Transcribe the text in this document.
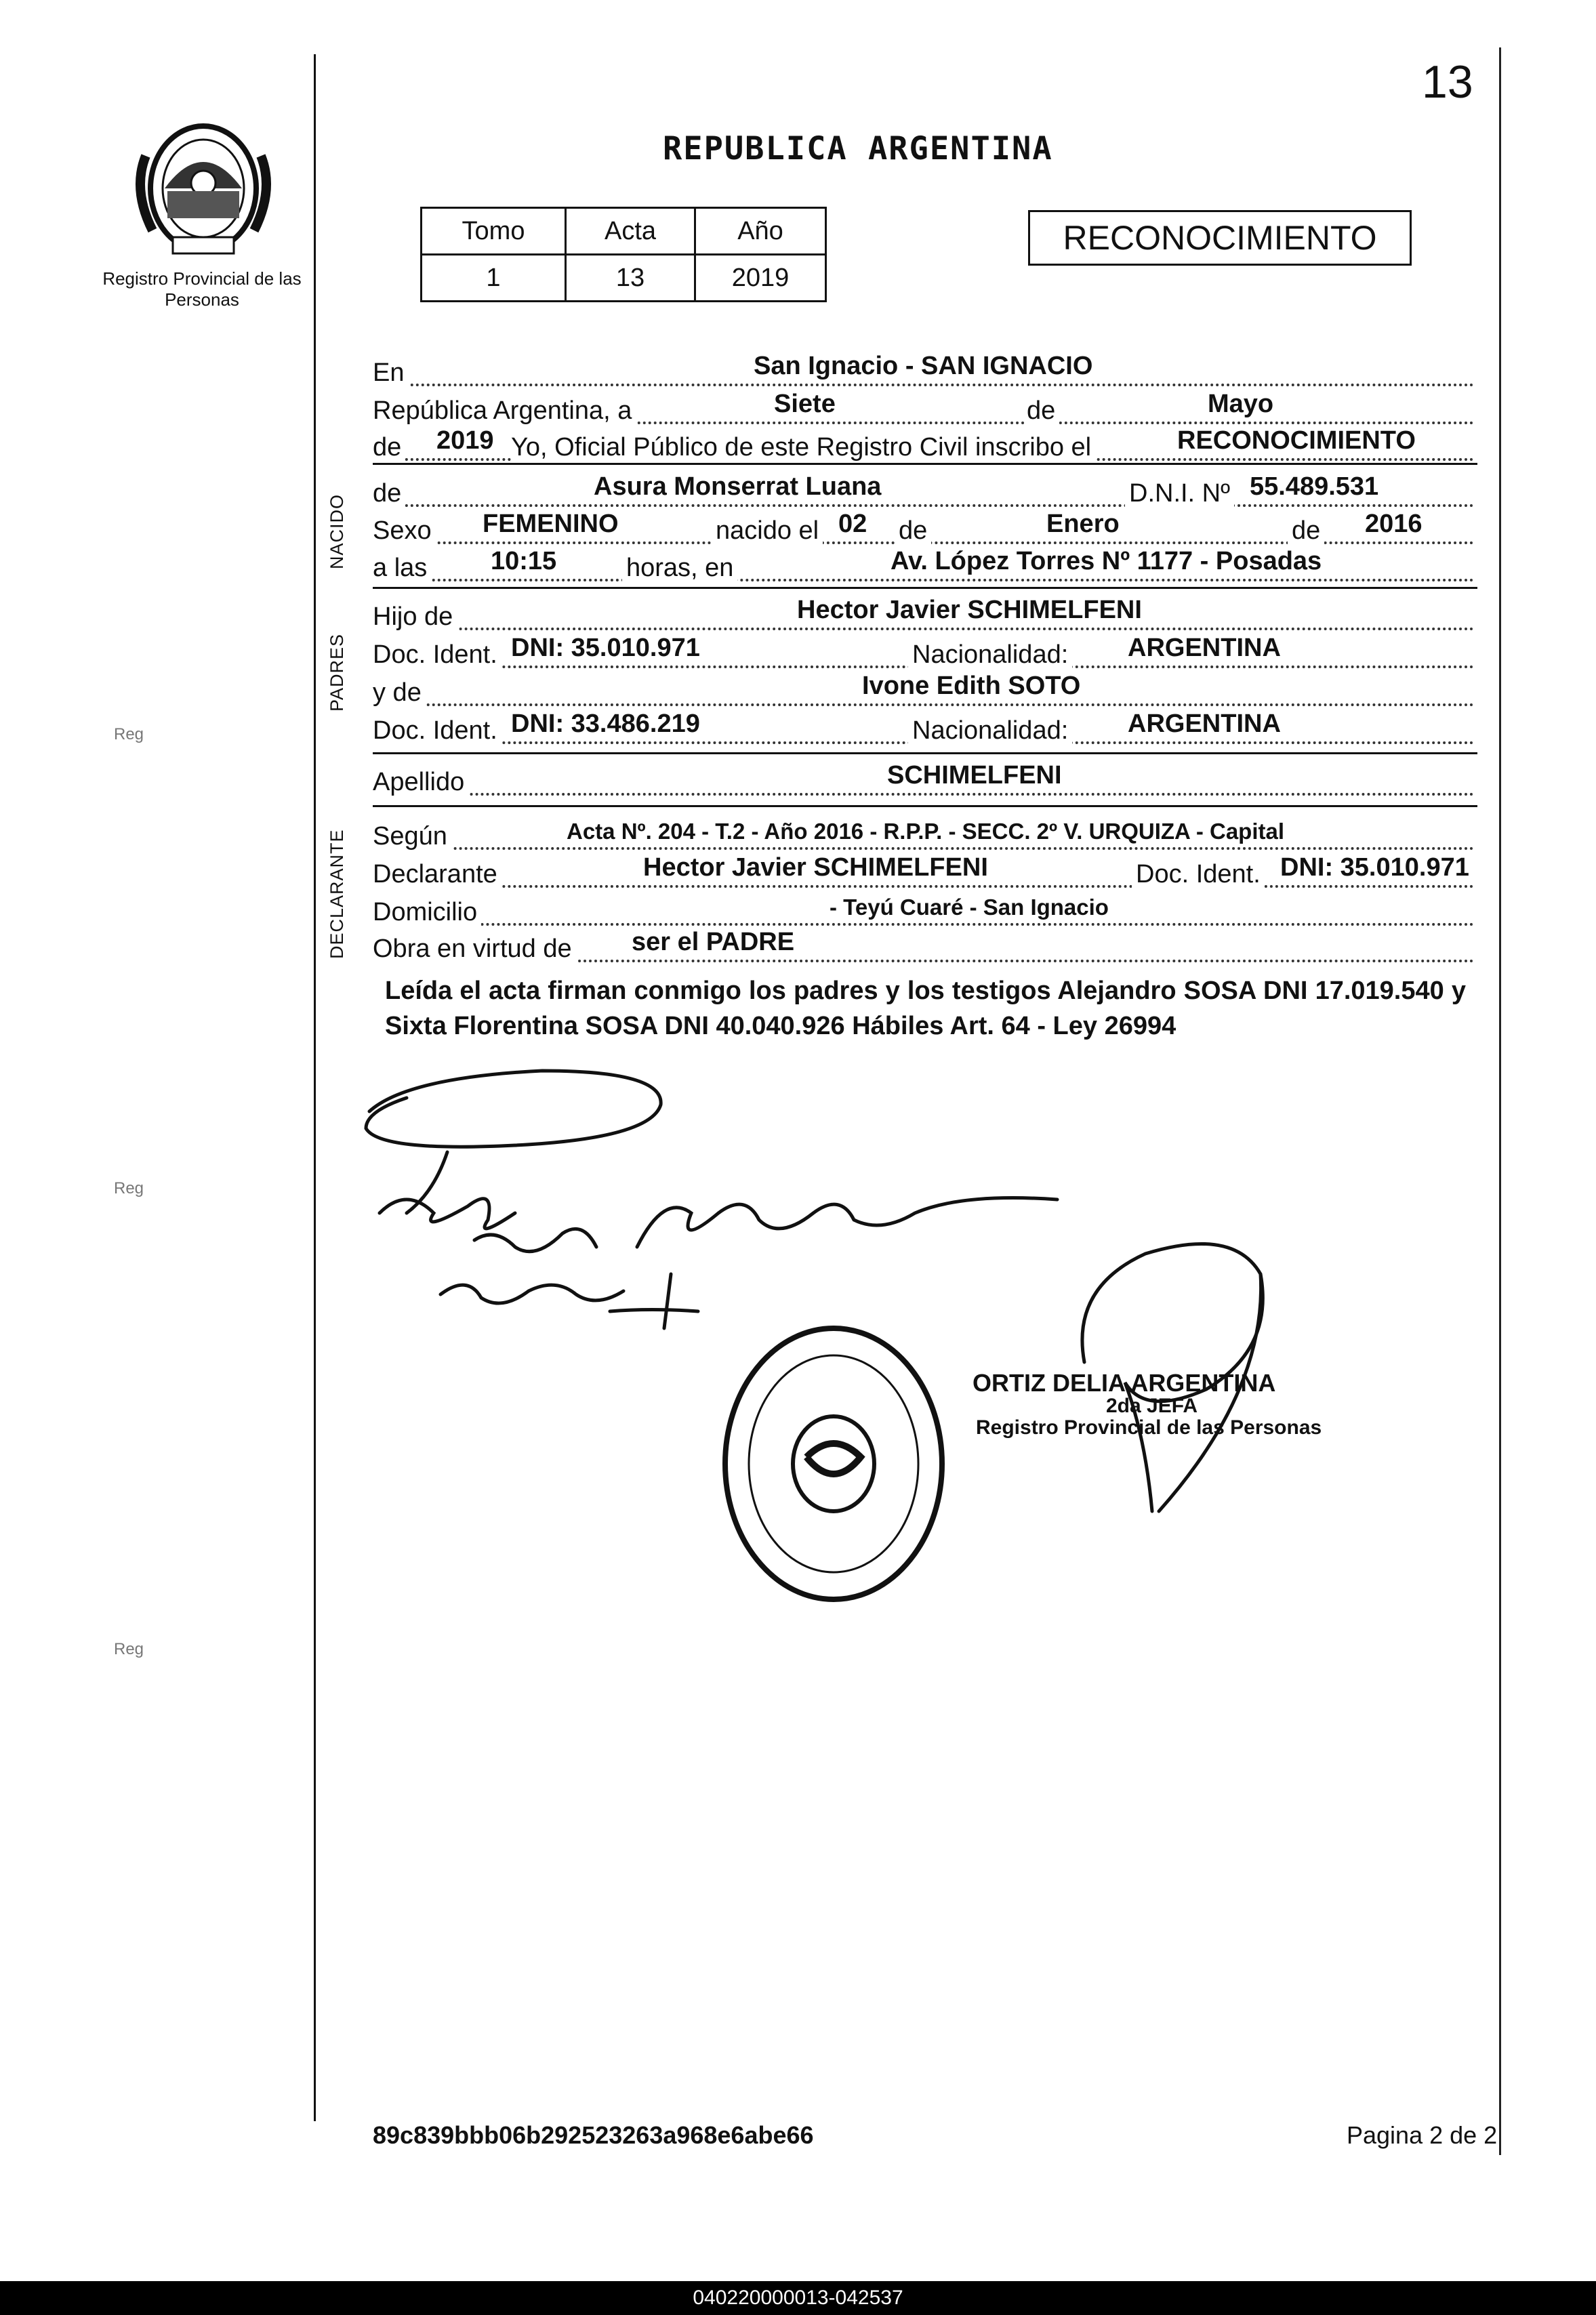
13
Registro Provincial de las Personas
REPUBLICA ARGENTINA
Tomo	Acta	Año
1	13	2019
RECONOCIMIENTO
En	San Ignacio - SAN IGNACIO
República Argentina, a	Siete	de	Mayo
de 2019 Yo, Oficial Público de este Registro Civil inscribo el	RECONOCIMIENTO
NACIDO
de	Asura Monserrat Luana	D.N.I. Nº 55.489.531
Sexo FEMENINO	nacido el 02 de	Enero	de 2016
a las 10:15	horas, en	Av. López Torres Nº 1177 - Posadas
PADRES
Hijo de	Hector Javier SCHIMELFENI
Doc. Ident. DNI: 35.010.971	Nacionalidad: ARGENTINA
y de	Ivone Edith SOTO
Doc. Ident. DNI: 33.486.219	Nacionalidad: ARGENTINA
Apellido	SCHIMELFENI
DECLARANTE Según	Acta Nº. 204 - T.2 - Año 2016 - R.P.P. - SECC. 2º V. URQUIZA - Capital
Declarante	Hector Javier SCHIMELFENI	Doc. Ident. DNI: 35.010.971
Domicilio	- Teyú Cuaré - San Ignacio
Obra en virtud de ser el PADRE
Leída el acta firman conmigo los padres y los testigos Alejandro SOSA DNI 17.019.540 y Sixta Florentina SOSA DNI 40.040.926 Hábiles Art. 64 - Ley 26994
ORTIZ DELIA ARGENTINA
2da JEFA
Registro Provincial de las Personas
Reg
Reg
Reg
89c839bbb06b292523263a968e6abe66	Pagina 2 de 2
040220000013-042537
